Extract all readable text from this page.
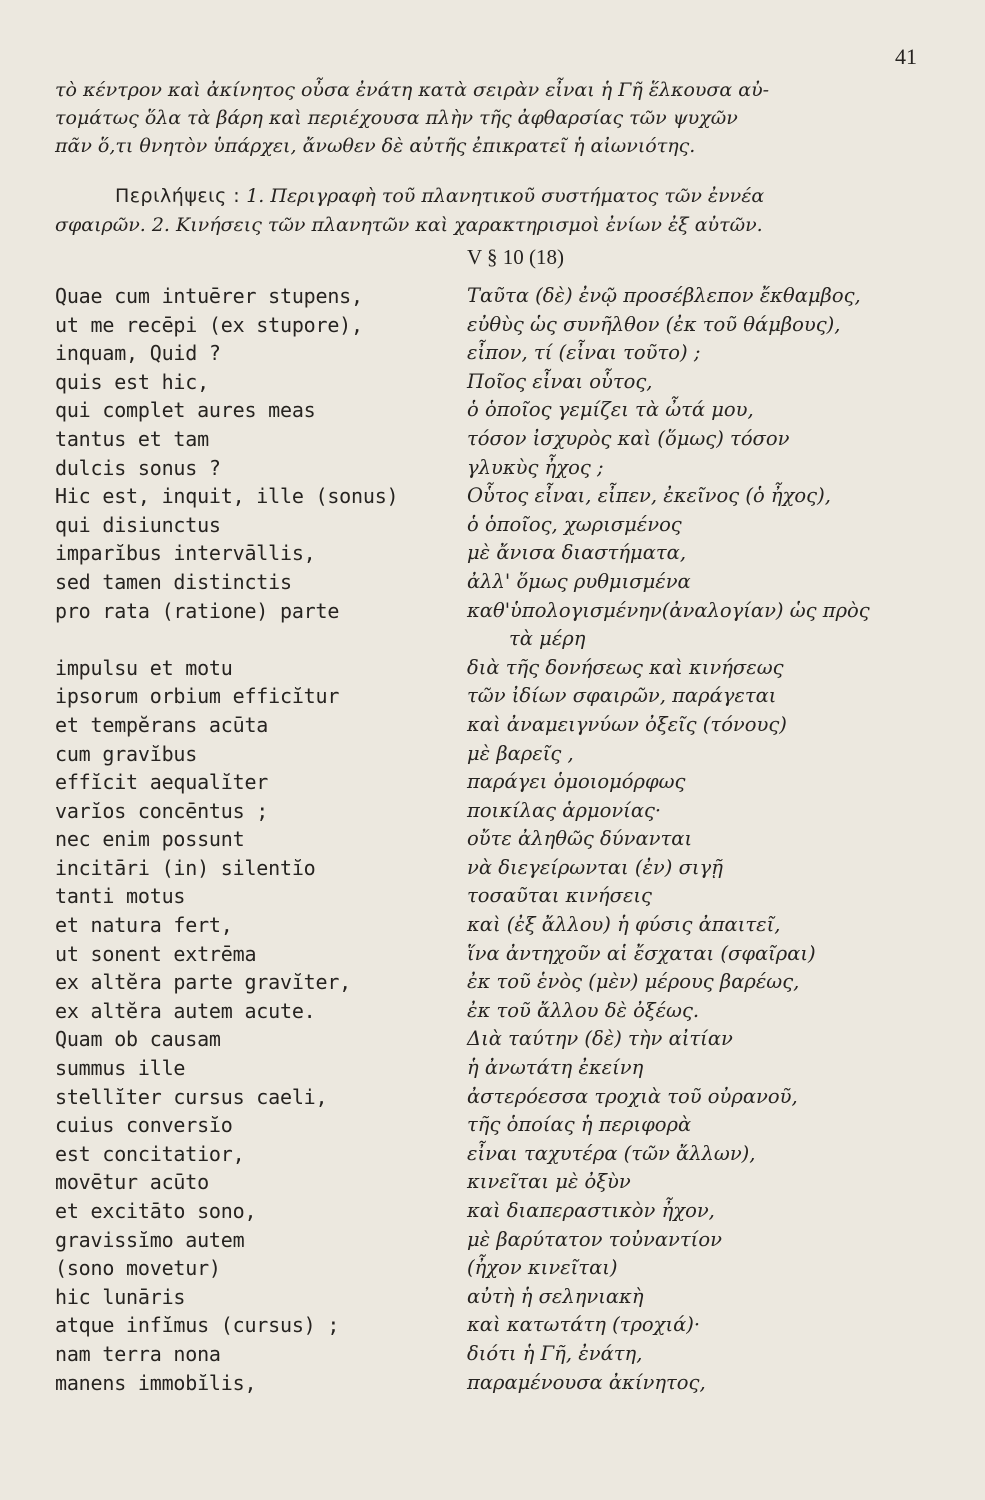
41
τὸ κέντρον καὶ ἀκίνητος οὖσα ἐνάτη κατὰ σειρὰν εἶναι ἡ Γῆ ἕλκουσα αὐ-
τομάτως ὅλα τὰ βάρη καὶ περιέχουσα πλὴν τῆς ἀφθαρσίας τῶν ψυχῶν
πᾶν ὅ,τι θνητὸν ὑπάρχει, ἄνωθεν δὲ αὐτῆς ἐπικρατεῖ ἡ αἰωνιότης.
Περιλήψεις : 1. Περιγραφὴ τοῦ πλανητικοῦ συστήματος τῶν ἐννέα
σφαιρῶν. 2. Κινήσεις τῶν πλανητῶν καὶ χαρακτηρισμοὶ ἐνίων ἐξ αὐτῶν.
V § 10 (18)
Quae cum intuērer stupens,
ut me recēpi (ex stupore),
inquam, Quid ?
quis est hic,
qui complet aures meas
tantus et tam
dulcis sonus ?
Hic est, inquit, ille (sonus)
qui disiunctus
imparĭbus intervāllis,
sed tamen distinctis
pro rata (ratione) parte
impulsu et motu
ipsorum orbium efficĭtur
et tempĕrans acūta
cum gravĭbus
effĭcit aequalĭter
varĭos concēntus ;
nec enim possunt
incitāri (in) silentĭo
tanti motus
et natura fert,
ut sonent extrēma
ex altĕra parte gravĭter,
ex altĕra autem acute.
Quam ob causam
summus ille
stellĭter cursus caeli,
cuius conversĭo
est concitatior,
movētur acūto
et excitāto sono,
gravissĭmo autem
(sono movetur)
hic lunāris
atque infĭmus (cursus) ;
nam terra nona
manens immobĭlis,
Ταῦτα (δὲ) ἐνῷ προσέβλεπον ἔκθαμβος,
εὐθὺς ὡς συνῆλθον (ἐκ τοῦ θάμβους),
εἶπον, τί (εἶναι τοῦτο) ;
Ποῖος εἶναι οὗτος,
ὁ ὁποῖος γεμίζει τὰ ὦτά μου,
τόσον ἰσχυρὸς καὶ (ὅμως) τόσον
γλυκὺς ἦχος ;
Οὗτος εἶναι, εἶπεν, ἐκεῖνος (ὁ ἦχος),
ὁ ὁποῖος, χωρισμένος
μὲ ἄνισα διαστήματα,
ἀλλ' ὅμως ρυθμισμένα
καθ'ὑπολογισμένην(ἀναλογίαν) ὡς πρὸς
τὰ μέρη
διὰ τῆς δονήσεως καὶ κινήσεως
τῶν ἰδίων σφαιρῶν, παράγεται
καὶ ἀναμειγνύων ὀξεῖς (τόνους)
μὲ βαρεῖς ,
παράγει ὁμοιομόρφως
ποικίλας ἁρμονίας·
οὔτε ἀληθῶς δύνανται
νὰ διεγείρωνται (ἐν) σιγῇ
τοσαῦται κινήσεις
καὶ (ἐξ ἄλλου) ἡ φύσις ἀπαιτεῖ,
ἵνα ἀντηχοῦν αἱ ἔσχαται (σφαῖραι)
ἐκ τοῦ ἑνὸς (μὲν) μέρους βαρέως,
ἐκ τοῦ ἄλλου δὲ ὀξέως.
Διὰ ταύτην (δὲ) τὴν αἰτίαν
ἡ ἀνωτάτη ἐκείνη
ἀστερόεσσα τροχιὰ τοῦ οὐρανοῦ,
τῆς ὁποίας ἡ περιφορὰ
εἶναι ταχυτέρα (τῶν ἄλλων),
κινεῖται μὲ ὀξὺν
καὶ διαπεραστικὸν ἦχον,
μὲ βαρύτατον τοὐναντίον
(ἦχον κινεῖται)
αὐτὴ ἡ σεληνιακὴ
καὶ κατωτάτη (τροχιά)·
διότι ἡ Γῆ, ἐνάτη,
παραμένουσα ἀκίνητος,
